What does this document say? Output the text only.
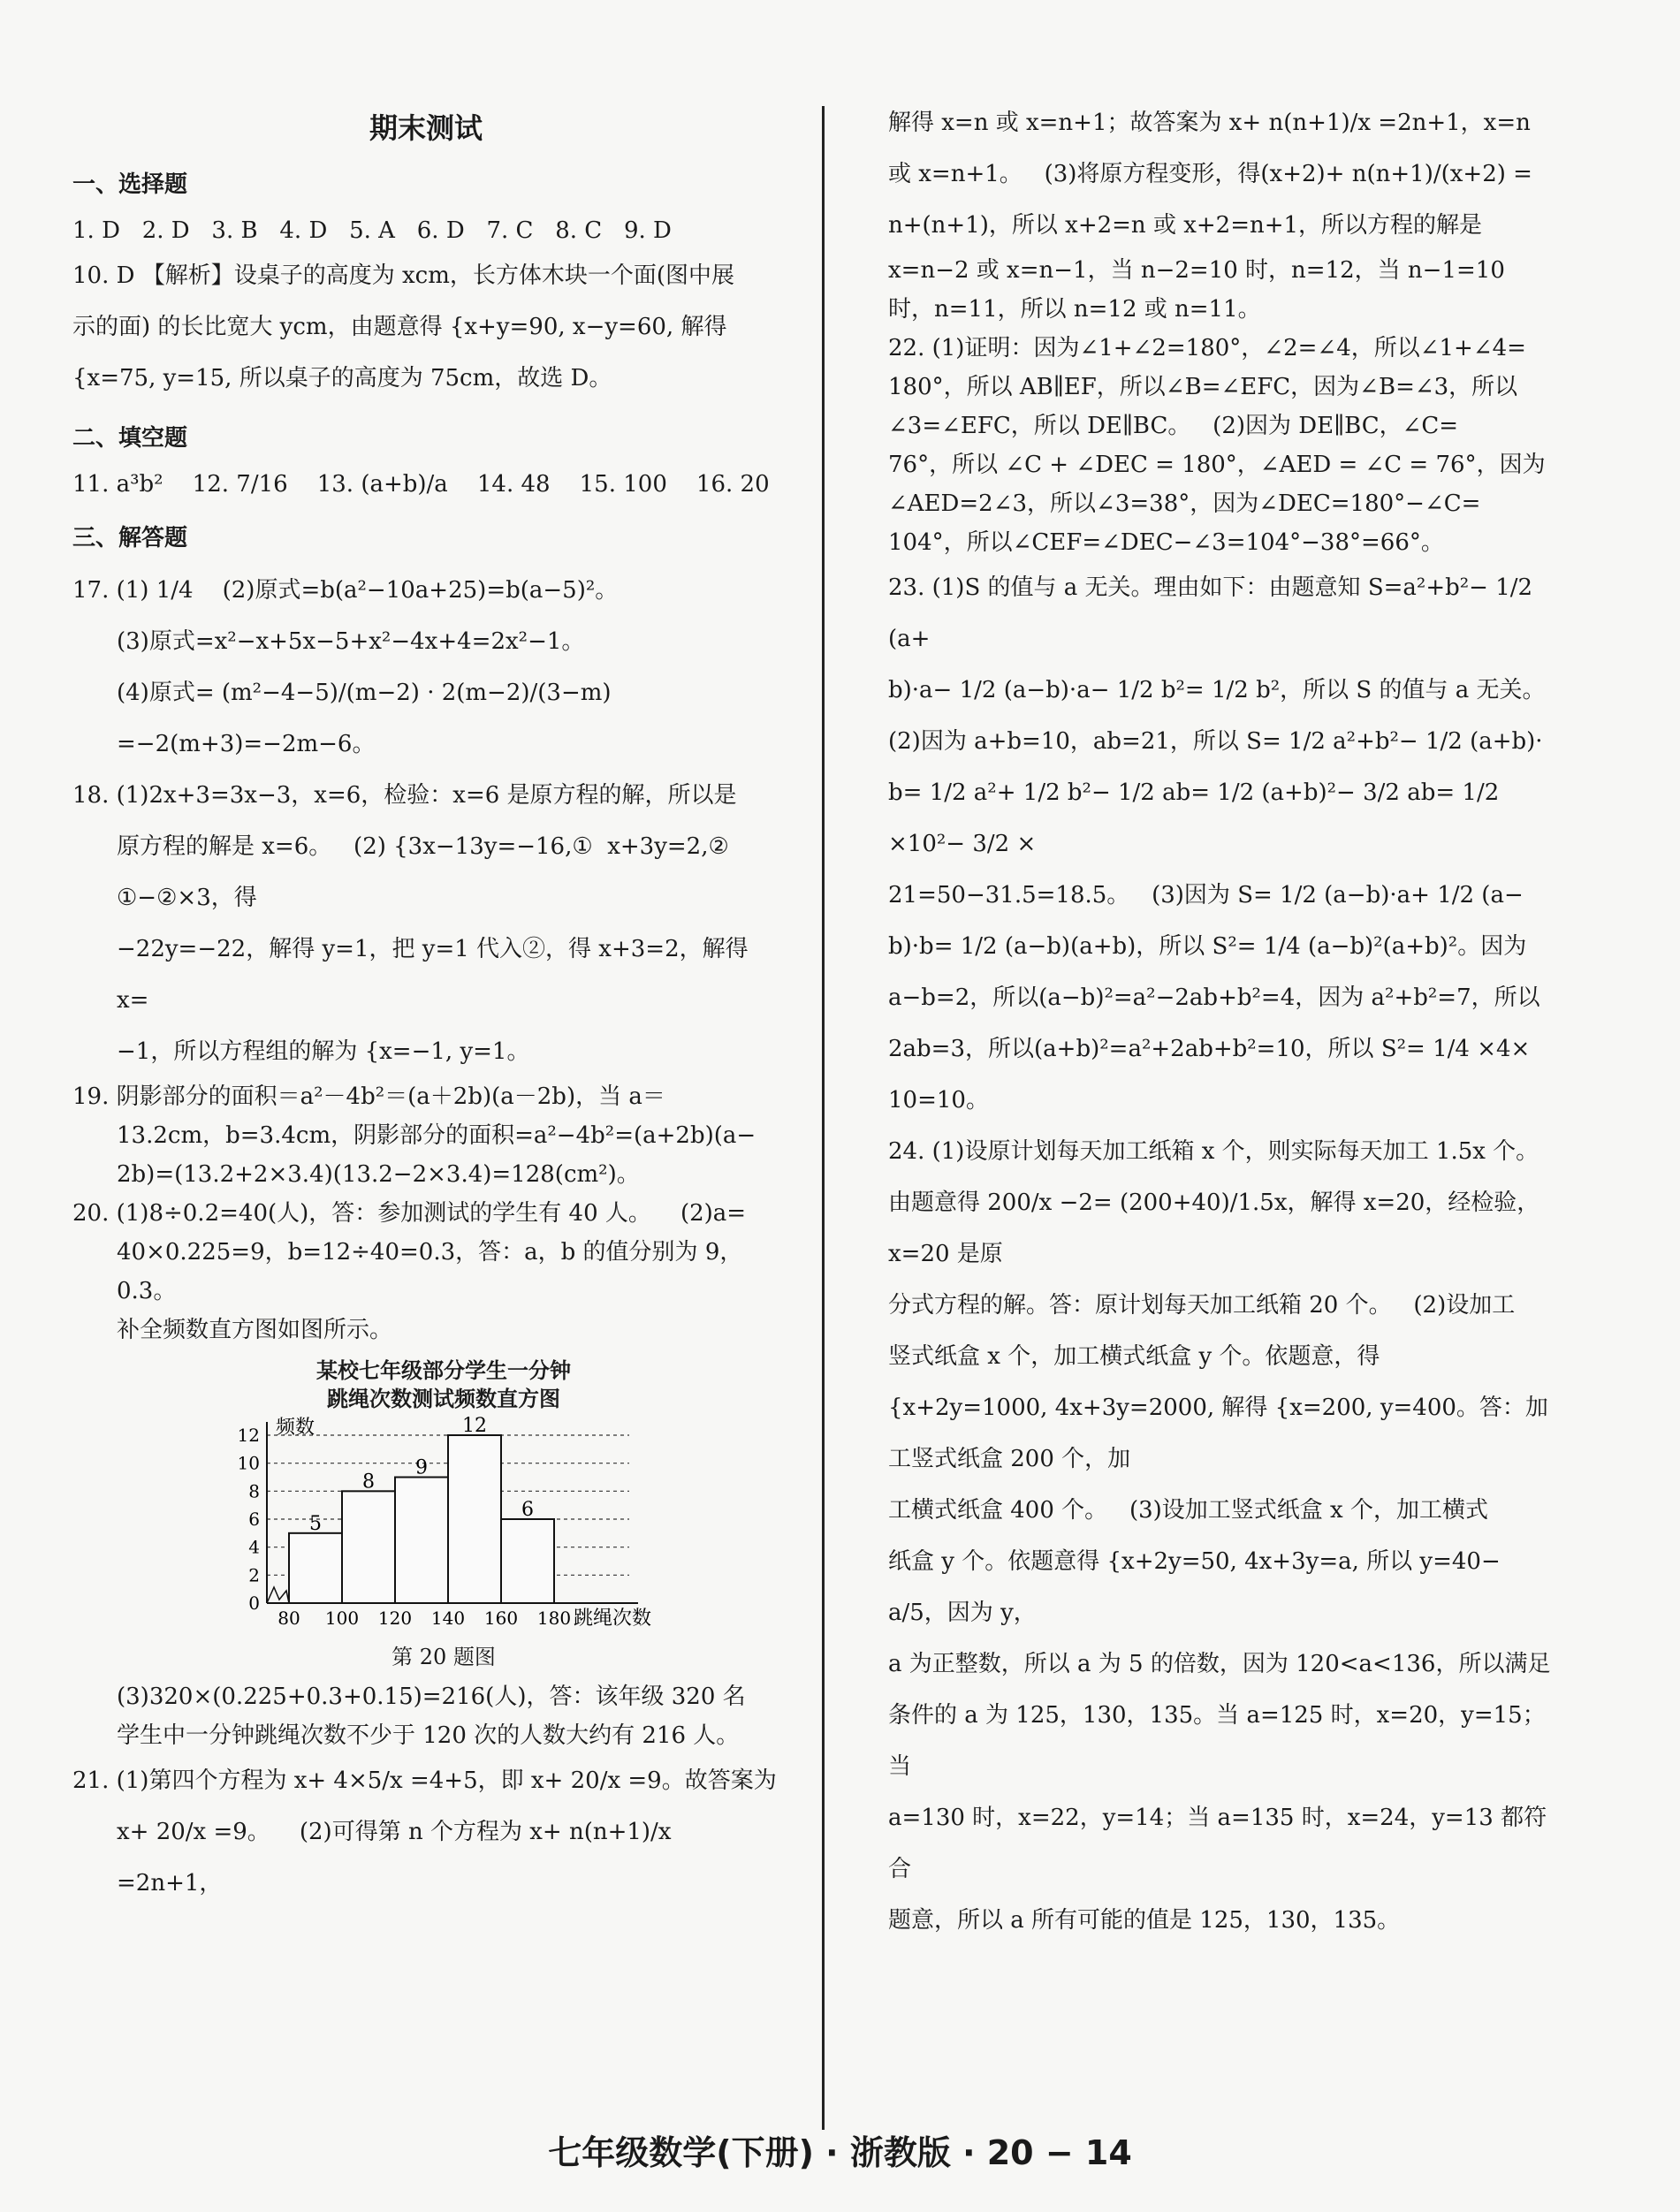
期末测试
一、选择题

1. D   2. D   3. B   4. D   5. A   6. D   7. C   8. C   9. D

10. D 【解析】设桌子的高度为 xcm，长方体木块一个面(图中展

示的面) 的长比宽大 ycm，由题意得 {x+y=90, x−y=60, 解得

{x=75, y=15, 所以桌子的高度为 75cm，故选 D。

二、填空题

11. a³b²    12. 7/16    13. (a+b)/a    14. 48    15. 100    16. 20

三、解答题

17. (1) 1/4    (2)原式=b(a²−10a+25)=b(a−5)²。

(3)原式=x²−x+5x−5+x²−4x+4=2x²−1。

(4)原式= (m²−4−5)/(m−2) · 2(m−2)/(3−m) =−2(m+3)=−2m−6。

18. (1)2x+3=3x−3，x=6，检验：x=6 是原方程的解，所以是

原方程的解是 x=6。   (2) {3x−13y=−16,①  x+3y=2,② ①−②×3，得

−22y=−22，解得 y=1，把 y=1 代入②，得 x+3=2，解得 x=

−1，所以方程组的解为 {x=−1, y=1。

19. 阴影部分的面积＝a²－4b²＝(a＋2b)(a－2b)，当 a＝

13.2cm，b=3.4cm，阴影部分的面积=a²−4b²=(a+2b)(a−

2b)=(13.2+2×3.4)(13.2−2×3.4)=128(cm²)。

20. (1)8÷0.2=40(人)，答：参加测试的学生有 40 人。    (2)a=

40×0.225=9，b=12÷40=0.3，答：a，b 的值分别为 9，0.3。

补全频数直方图如图所示。

某校七年级部分学生一分钟
跳绳次数测试频数直方图
0
2
4
6
8
10
12 频数
5
8
9
12
6
80 100 120 140 160 180 跳绳次数
第 20 题图

(3)320×(0.225+0.3+0.15)=216(人)，答：该年级 320 名

学生中一分钟跳绳次数不少于 120 次的人数大约有 216 人。

21. (1)第四个方程为 x+ 4×5/x =4+5，即 x+ 20/x =9。故答案为

x+ 20/x =9。    (2)可得第 n 个方程为 x+ n(n+1)/x =2n+1，

解得 x=n 或 x=n+1；故答案为 x+ n(n+1)/x =2n+1，x=n

或 x=n+1。   (3)将原方程变形，得(x+2)+ n(n+1)/(x+2) =

n+(n+1)，所以 x+2=n 或 x+2=n+1，所以方程的解是

x=n−2 或 x=n−1，当 n−2=10 时，n=12，当 n−1=10

时，n=11，所以 n=12 或 n=11。

22. (1)证明：因为∠1+∠2=180°，∠2=∠4，所以∠1+∠4=

180°，所以 AB∥EF，所以∠B=∠EFC，因为∠B=∠3，所以

∠3=∠EFC，所以 DE∥BC。   (2)因为 DE∥BC，∠C=

76°，所以 ∠C + ∠DEC = 180°，∠AED = ∠C = 76°，因为

∠AED=2∠3，所以∠3=38°，因为∠DEC=180°−∠C=

104°，所以∠CEF=∠DEC−∠3=104°−38°=66°。

23. (1)S 的值与 a 无关。理由如下：由题意知 S=a²+b²− 1/2 (a+

b)·a− 1/2 (a−b)·a− 1/2 b²= 1/2 b²，所以 S 的值与 a 无关。

(2)因为 a+b=10，ab=21，所以 S= 1/2 a²+b²− 1/2 (a+b)·

b= 1/2 a²+ 1/2 b²− 1/2 ab= 1/2 (a+b)²− 3/2 ab= 1/2 ×10²− 3/2 ×

21=50−31.5=18.5。   (3)因为 S= 1/2 (a−b)·a+ 1/2 (a−

b)·b= 1/2 (a−b)(a+b)，所以 S²= 1/4 (a−b)²(a+b)²。因为

a−b=2，所以(a−b)²=a²−2ab+b²=4，因为 a²+b²=7，所以

2ab=3，所以(a+b)²=a²+2ab+b²=10，所以 S²= 1/4 ×4×

10=10。

24. (1)设原计划每天加工纸箱 x 个，则实际每天加工 1.5x 个。

由题意得 200/x −2= (200+40)/1.5x，解得 x=20，经检验，x=20 是原

分式方程的解。答：原计划每天加工纸箱 20 个。   (2)设加工

竖式纸盒 x 个，加工横式纸盒 y 个。依题意，得

{x+2y=1000, 4x+3y=2000, 解得 {x=200, y=400。答：加工竖式纸盒 200 个，加

工横式纸盒 400 个。   (3)设加工竖式纸盒 x 个，加工横式

纸盒 y 个。依题意得 {x+2y=50, 4x+3y=a, 所以 y=40− a/5，因为 y，

a 为正整数，所以 a 为 5 的倍数，因为 120<a<136，所以满足

条件的 a 为 125，130，135。当 a=125 时，x=20，y=15；当

a=130 时，x=22，y=14；当 a=135 时，x=24，y=13 都符合

题意，所以 a 所有可能的值是 125，130，135。

七年级数学(下册) · 浙教版 · 20 − 14
